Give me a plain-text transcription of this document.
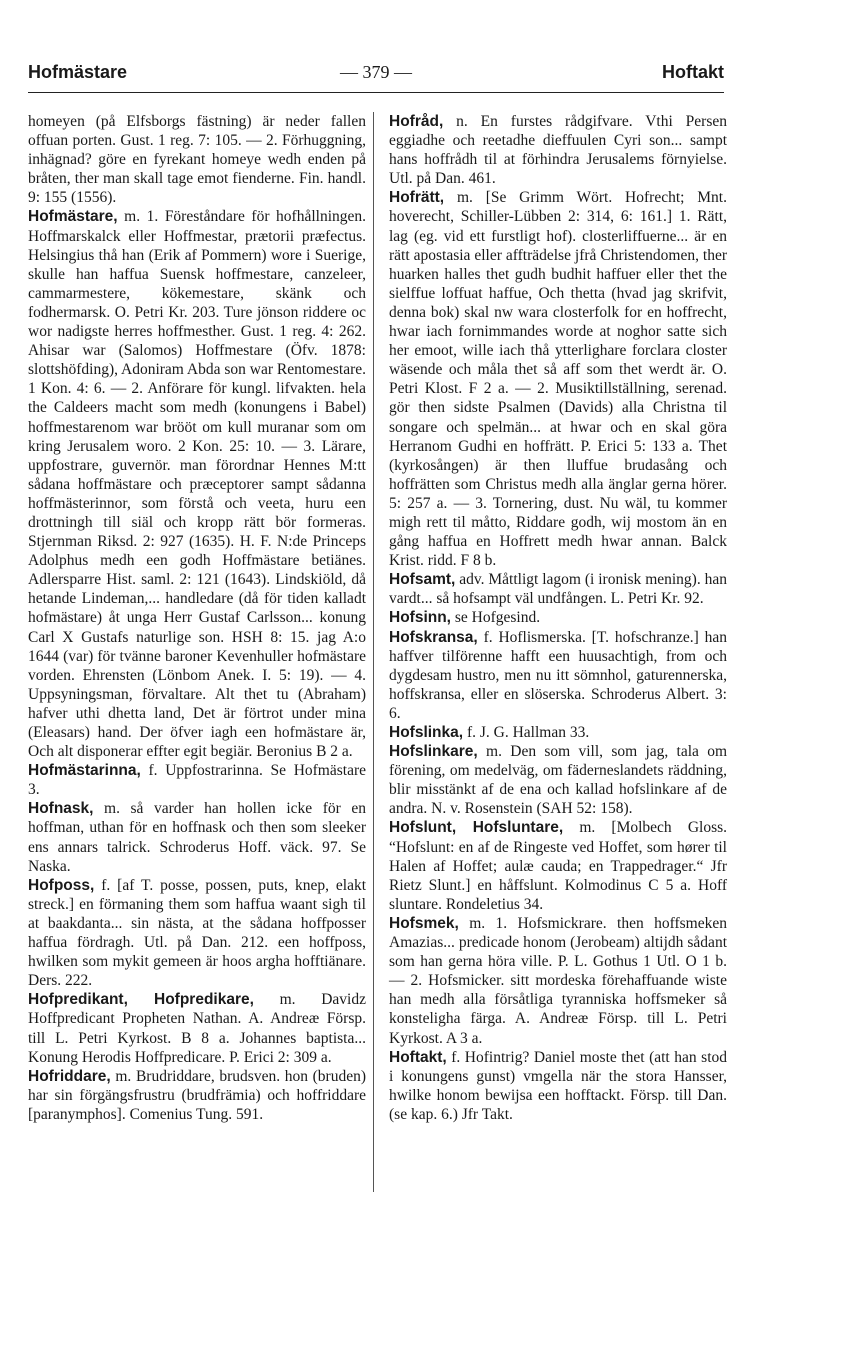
Hofmästare	— 379 —	Hoftakt

homeyen (på Elfsborgs fästning) är neder fallen offuan porten. Gust. 1 reg. 7: 105. — 2. Förhuggning, inhägnad? göre en fyrekant homeye wedh enden på bråten, ther man skall tage emot fienderne. Fin. handl. 9: 155 (1556).

Hofmästare, m. 1. Föreståndare för hofhållningen. Hoffmarskalck eller Hoffmestar, prætorii præfectus. Helsingius thå han (Erik af Pommern) wore i Suerige, skulle han haffua Suensk hoffmestare, canzeleer, cammarmestere, kökemestare, skänk och fodhermarsk. O. Petri Kr. 203. Ture jönson riddere oc wor nadigste herres hoffmesther. Gust. 1 reg. 4: 262. Ahisar war (Salomos) Hoffmestare (Öfv. 1878: slottshöfding), Adoniram Abda son war Rentomestare. 1 Kon. 4: 6. — 2. Anförare för kungl. lifvakten. hela the Caldeers macht som medh (konungens i Babel) hoffmestarenom war brööt om kull muranar som om kring Jerusalem woro. 2 Kon. 25: 10. — 3. Lärare, uppfostrare, guvernör. man förordnar Hennes M:tt sådana hoffmästare och præceptorer sampt sådanna hoffmästerinnor, som förstå och veeta, huru een drottningh till siäl och kropp rätt bör formeras. Stjernman Riksd. 2: 927 (1635). H. F. N:de Princeps Adolphus medh een godh Hoffmästare betiänes. Adlersparre Hist. saml. 2: 121 (1643). Lindskiöld, då hetande Lindeman,... handledare (då för tiden kalladt hofmästare) åt unga Herr Gustaf Carlsson... konung Carl X Gustafs naturlige son. HSH 8: 15. jag A:o 1644 (var) för tvänne baroner Kevenhuller hofmästare vorden. Ehrensten (Lönbom Anek. I. 5: 19). — 4. Uppsyningsman, förvaltare. Alt thet tu (Abraham) hafver uthi dhetta land, Det är förtrot under mina (Eleasars) hand. Der öfver iagh een hofmästare är, Och alt disponerar effter egit begiär. Beronius B 2 a.

Hofmästarinna, f. Uppfostrarinna. Se Hofmästare 3.

Hofnask, m. så varder han hollen icke för en hoffman, uthan för en hoffnask och then som sleeker ens annars talrick. Schroderus Hoff. väck. 97. Se Naska.

Hofposs, f. [af T. posse, possen, puts, knep, elakt streck.] en förmaning them som haffua waant sigh til at baakdanta... sin nästa, at the sådana hoffposser haffua fördragh. Utl. på Dan. 212. een hoffposs, hwilken som mykit gemeen är hoos argha hofftiänare. Ders. 222.

Hofpredikant, Hofpredikare, m. Davidz Hoffpredicant Propheten Nathan. A. Andreæ Försp. till L. Petri Kyrkost. B 8 a. Johannes baptista... Konung Herodis Hoffpredicare. P. Erici 2: 309 a.

Hofriddare, m. Brudriddare, brudsven. hon (bruden) har sin förgängsfrustru (brudfrämia) och hoffriddare [paranymphos]. Comenius Tung. 591.

Hofråd, n. En furstes rådgifvare. Vthi Persen eggiadhe och reetadhe dieffuulen Cyri son... sampt hans hoffrådh til at förhindra Jerusalems förnyielse. Utl. på Dan. 461.

Hofrätt, m. [Se Grimm Wört. Hofrecht; Mnt. hoverecht, Schiller-Lübben 2: 314, 6: 161.] 1. Rätt, lag (eg. vid ett furstligt hof). closterliffuerne... är en rätt apostasia eller affträdelse jfrå Christendomen, ther huarken halles thet gudh budhit haffuer eller thet the sielffue loffuat haffue, Och thetta (hvad jag skrifvit, denna bok) skal nw wara closterfolk for en hoffrecht, hwar iach fornimmandes worde at noghor satte sich her emoot, wille iach thå ytterlighare forclara closter wäsende och måla thet så aff som thet werdt är. O. Petri Klost. F 2 a. — 2. Musiktillställning, serenad. gör then sidste Psalmen (Davids) alla Christna til songare och spelmän... at hwar och en skal göra Herranom Gudhi en hoffrätt. P. Erici 5: 133 a. Thet (kyrkosången) är then lluffue brudasång och hoffrätten som Christus medh alla änglar gerna hörer. 5: 257 a. — 3. Tornering, dust. Nu wäl, tu kommer migh rett til måtto, Riddare godh, wij mostom än en gång haffua en Hoffrett medh hwar annan. Balck Krist. ridd. F 8 b.

Hofsamt, adv. Måttligt lagom (i ironisk mening). han vardt... så hofsampt väl undfången. L. Petri Kr. 92.

Hofsinn, se Hofgesind.

Hofskransa, f. Hoflismerska. [T. hofschranze.] han haffver tilförenne hafft een huusachtigh, from och dygdesam hustro, men nu itt sömnhol, gaturennerska, hoffskransa, eller en slöserska. Schroderus Albert. 3: 6.

Hofslinka, f. J. G. Hallman 33.

Hofslinkare, m. Den som vill, som jag, tala om förening, om medelväg, om fäderneslandets räddning, blir misstänkt af de ena och kallad hofslinkare af de andra. N. v. Rosenstein (SAH 52: 158).

Hofslunt, Hofsluntare, m. [Molbech Gloss. “Hofslunt: en af de Ringeste ved Hoffet, som hører til Halen af Hoffet; aulæ cauda; en Trappedrager.“ Jfr Rietz Slunt.] en håffslunt. Kolmodinus C 5 a. Hoff sluntare. Rondeletius 34.

Hofsmek, m. 1. Hofsmickrare. then hoffsmeken Amazias... predicade honom (Jerobeam) altijdh sådant som han gerna höra ville. P. L. Gothus 1 Utl. O 1 b. — 2. Hofsmicker. sitt mordeska förehaffuande wiste han medh alla försåtliga tyranniska hoffsmeker så konsteligha färga. A. Andreæ Försp. till L. Petri Kyrkost. A 3 a.

Hoftakt, f. Hofintrig? Daniel moste thet (att han stod i konungens gunst) vmgella när the stora Hansser, hwilke honom bewijsa een hofftackt. Försp. till Dan. (se kap. 6.) Jfr Takt.
